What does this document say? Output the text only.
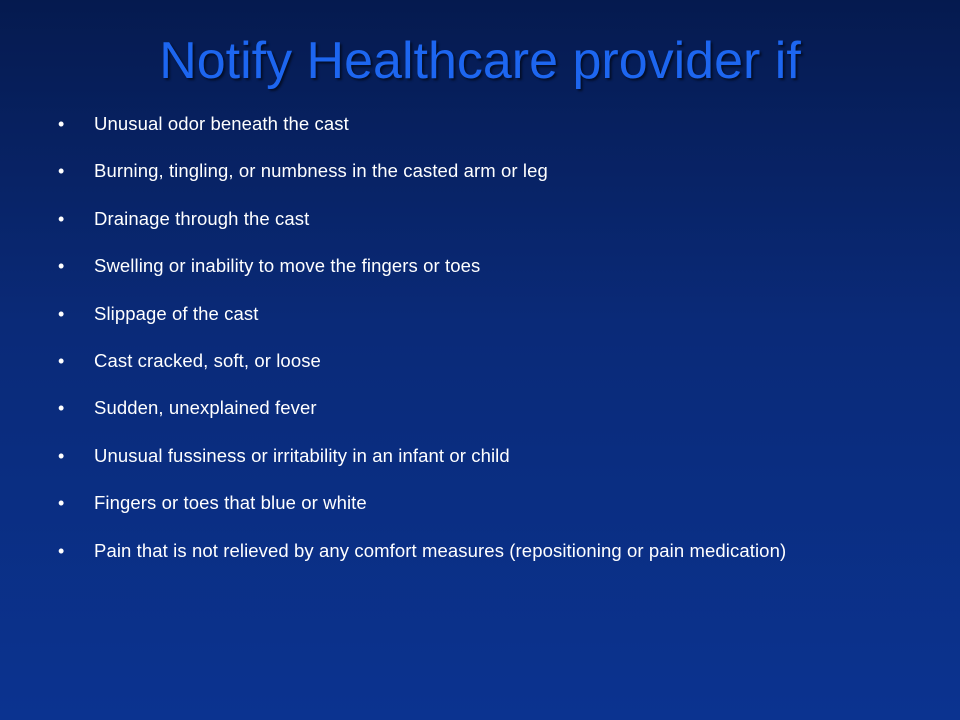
Notify Healthcare provider if
•	Unusual odor beneath the cast
•	Burning, tingling, or numbness in the casted arm or leg
•	Drainage through the cast
•	Swelling or inability to move the fingers or toes
•	Slippage of the cast
•	Cast cracked, soft, or loose
•	Sudden, unexplained fever
•	Unusual fussiness or irritability in an infant or child
•	Fingers or toes that blue or white
•	Pain that is not relieved by any comfort measures (repositioning or pain medication)
